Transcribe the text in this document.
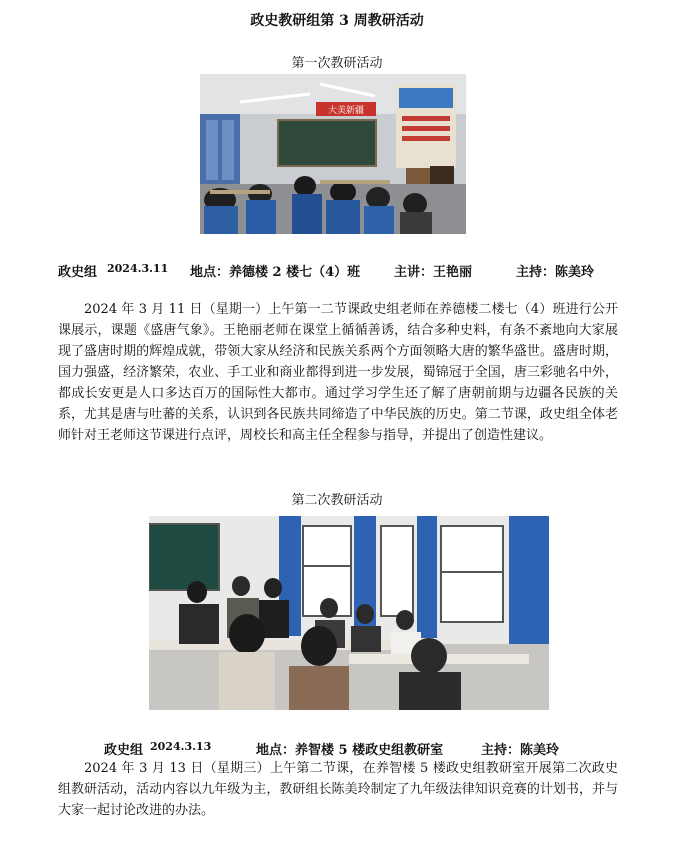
政史教研组第 3 周教研活动
第一次教研活动
大美新疆
政史组 2024.3.11 地点：养德楼 2 楼七（4）班	主讲：王艳丽	主持：陈美玲

2024 年 3 月 11 日（星期一）上午第一二节课政史组老师在养德楼二楼七（4）班进行公开课展示，课题《盛唐气象》。王艳丽老师在课堂上循循善诱，结合多种史料，有条不紊地向大家展现了盛唐时期的辉煌成就，带领大家从经济和民族关系两个方面领略大唐的繁华盛世。盛唐时期，国力强盛，经济繁荣，农业、手工业和商业都得到进一步发展，蜀锦冠于全国，唐三彩驰名中外，都成长安更是人口多达百万的国际性大都市。通过学习学生还了解了唐朝前期与边疆各民族的关系，尤其是唐与吐蕃的关系，认识到各民族共同缔造了中华民族的历史。第二节课，政史组全体老师针对王老师这节课进行点评，周校长和高主任全程参与指导，并提出了创造性建议。

第二次教研活动
政史组 2024.3.13	地点：养智楼 5 楼政史组教研室	主持：陈美玲

2024 年 3 月 13 日（星期三）上午第二节课，在养智楼 5 楼政史组教研室开展第二次政史组教研活动，活动内容以九年级为主，教研组长陈美玲制定了九年级法律知识竞赛的计划书，并与大家一起讨论改进的办法。
